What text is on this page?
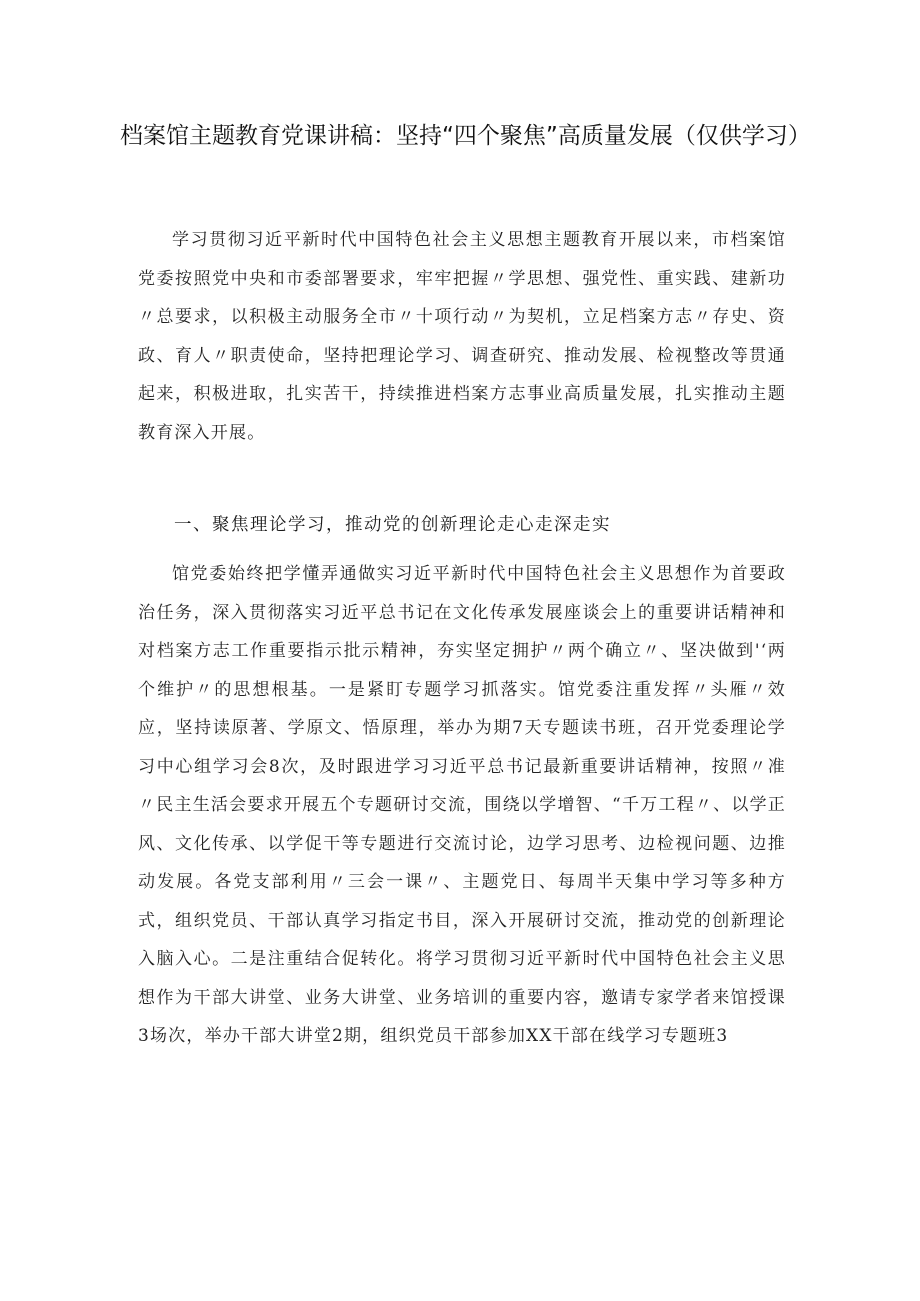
档案馆主题教育党课讲稿：坚持“四个聚焦”高质量发展（仅供学习）

学习贯彻习近平新时代中国特色社会主义思想主题教育开展以来，市档案馆党委按照党中央和市委部署要求，牢牢把握〃学思想、强党性、重实践、建新功〃总要求，以积极主动服务全市〃十项行动〃为契机，立足档案方志〃存史、资政、育人〃职责使命，坚持把理论学习、调查研究、推动发展、检视整改等贯通起来，积极进取，扎实苦干，持续推进档案方志事业高质量发展，扎实推动主题教育深入开展。

一、聚焦理论学习，推动党的创新理论走心走深走实

馆党委始终把学懂弄通做实习近平新时代中国特色社会主义思想作为首要政治任务，深入贯彻落实习近平总书记在文化传承发展座谈会上的重要讲话精神和对档案方志工作重要指示批示精神，夯实坚定拥护〃两个确立〃、坚决做到'‘两个维护〃的思想根基。一是紧盯专题学习抓落实。馆党委注重发挥〃头雁〃效应，坚持读原著、学原文、悟原理，举办为期7天专题读书班，召开党委理论学习中心组学习会8次，及时跟进学习习近平总书记最新重要讲话精神，按照〃准〃民主生活会要求开展五个专题研讨交流，围绕以学增智、“千万工程〃、以学正风、文化传承、以学促干等专题进行交流讨论，边学习思考、边检视问题、边推动发展。各党支部利用〃三会一课〃、主题党日、每周半天集中学习等多种方式，组织党员、干部认真学习指定书目，深入开展研讨交流，推动党的创新理论入脑入心。二是注重结合促转化。将学习贯彻习近平新时代中国特色社会主义思想作为干部大讲堂、业务大讲堂、业务培训的重要内容，邀请专家学者来馆授课3场次，举办干部大讲堂2期，组织党员干部参加XX干部在线学习专题班3
